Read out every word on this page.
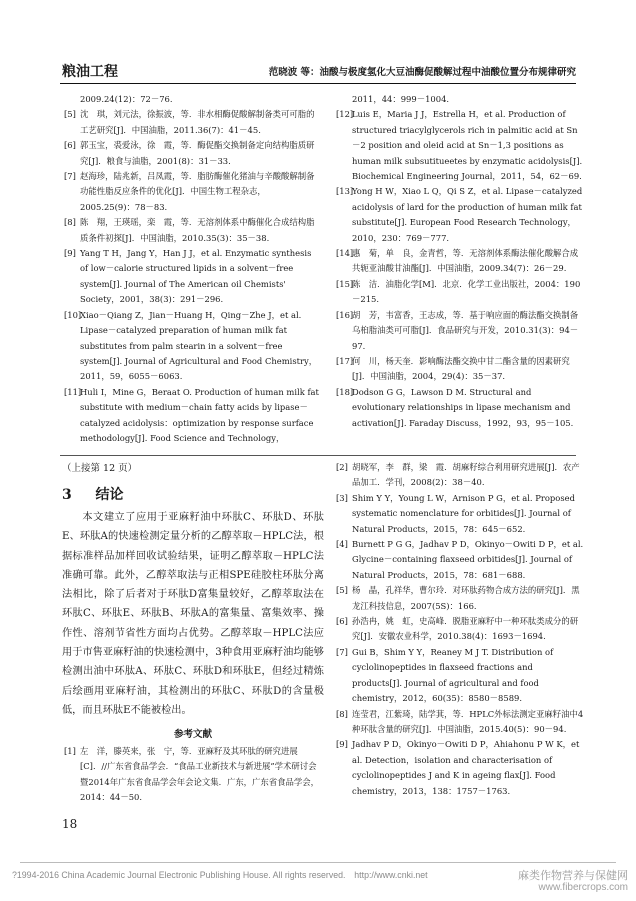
粮油工程	范晓波 等：油酸与极度氢化大豆油酶促酸解过程中油酸位置分布规律研究

2009.24(12)：72－76.

[5] 沈　琪，刘元法，徐振波，等．非水相酶促酸解制备类可可脂的工艺研究[J]．中国油脂，2011.36(7)：41－45.

[6] 郭玉宝，裘爱泳，徐　霞，等．酶促酯交换制备定向结构脂质研究[J]．粮食与油脂，2001(8)：31－33.

[7] 赵海珍，陆兆新，吕凤霞，等．脂肪酶催化猪油与辛酸酸解制备功能性脂反应条件的优化[J]．中国生物工程杂志，2005.25(9)：78－83.

[8] 陈　翔，王瑛瑶，栾　霞，等．无溶剂体系中酶催化合成结构脂质条件初探[J]．中国油脂，2010.35(3)：35－38.

[9] Yang T H，Jang Y，Han J J，et al. Enzymatic synthesis of low－calorie structured lipids in a solvent－free system[J]. Journal of The American oil Chemists' Society，2001，38(3)：291－296.

[10]
Xiao－Qiang Z，Jian－Huang H，Qing－Zhe J，et al. Lipase－catalyzed preparation of human milk fat substitutes from palm stearin in a solvent－free system[J]. Journal of Agricultural and Food Chemistry，2011，59，6055－6063.

[11]
Huli I，Mine G，Beraat O. Production of human milk fat substitute with medium－chain fatty acids by lipase－catalyzed acidolysis：optimization by response surface methodology[J]. Food Science and Technology，

2011，44：999－1004.

[12]
Luis E，Maria J J，Estrella H，et al. Production of structured triacylglycerols rich in palmitic acid at Sn－2 position and oleid acid at Sn－1,3 positions as human milk subsutitueetes by enzymatic acidolysis[J]. Biochemical Engineering Journal，2011，54，62－69.

[13]
Yong H W，Xiao L Q，Qi S Z，et al. Lipase－catalyzed acidolysis of lard for the production of human milk fat substitute[J]. European Food Research Technology，2010，230：769－777.

[14]
惠　菊，单　良，金青哲，等．无溶剂体系酶法催化酸解合成共轭亚油酸甘油酯[J]．中国油脂，2009.34(7)：26－29.

[15]
陈　洁．油脂化学[M]．北京．化学工业出版社，2004：190－215.

[16]
胡　芳，韦富香，王志成，等．基于响应面的酶法酯交换制备乌桕脂油类可可脂[J]．食品研究与开发，2010.31(3)：94－97.

[17]
何　川，杨天奎．影响酶法酯交换中甘二酯含量的因素研究[J]．中国油脂，2004，29(4)：35－37.

[18]
Dodson G G，Lawson D M. Structural and evolutionary relationships in lipase mechanism and activation[J]. Faraday Discuss，1992，93，95－105.

（上接第 12 页）
3 结论

本文建立了应用于亚麻籽油中环肽C、环肽D、环肽E、环肽A的快速检测定量分析的乙醇萃取－HPLC法，根据标准样品加样回收试验结果，证明乙醇萃取－HPLC法准确可靠。此外，乙醇萃取法与正相SPE硅胶柱环肽分离法相比，除了后者对于环肽D富集量较好，乙醇萃取法在环肽C、环肽E、环肽B、环肽A的富集量、富集效率、操作性、溶剂节省性方面均占优势。乙醇萃取－HPLC法应用于市售亚麻籽油的快速检测中，3种食用亚麻籽油均能够检测出油中环肽A、环肽C、环肽D和环肽E，但经过精炼后绘画用亚麻籽油，其检测出的环肽C、环肽D的含量极低，而且环肽E不能被检出。

参考文献

[1] 左　洋，滕英来，张　宁，等．亚麻籽及其环肽的研究进展[C]．//广东省食品学会．“食品工业新技术与新进展”学术研讨会暨2014年广东省食品学会年会论文集．广东，广东省食品学会，2014：44－50.

[2] 胡晓军，李　群，梁　霞．胡麻籽综合利用研究进展[J]．农产品加工．学刊，2008(2)：38－40.

[3] Shim Y Y，Young L W，Arnison P G，et al. Proposed systematic nomenclature for orbitides[J]. Journal of Natural Products，2015，78：645－652.

[4] Burnett P G G，Jadhav P D，Okinyo－Owiti D P，et al. Glycine－containing flaxseed orbitides[J]. Journal of Natural Products，2015，78：681－688.

[5] 杨　晶，孔祥华，曹尔玲．对环肽药物合成方法的研究[J]．黑龙江科技信息，2007(5S)：166.

[6] 孙浩冉，姚　虹，史高峰．脱脂亚麻籽中一种环肽类成分的研究[J]．安徽农业科学，2010.38(4)：1693－1694.

[7] Gui B，Shim Y Y，Reaney M J T. Distribution of cyclolinopeptides in flaxseed fractions and products[J]. Journal of agricultural and food chemistry，2012，60(35)：8580－8589.

[8] 连莹君，江紫琦，陆学萁，等．HPLC外标法测定亚麻籽油中4种环肽含量的研究[J]．中国油脂，2015.40(5)：90－94.

[9] Jadhav P D，Okinyo－Owiti D P，Ahiahonu P W K，et al. Detection，isolation and characterisation of cyclolinopeptides J and K in ageing flax[J]. Food chemistry，2013，138：1757－1763.

18
?1994-2016 China Academic Journal Electronic Publishing House. All rights reserved.　http://www.cnki.net	麻类作物营养与保健网
www.fibercrops.com
